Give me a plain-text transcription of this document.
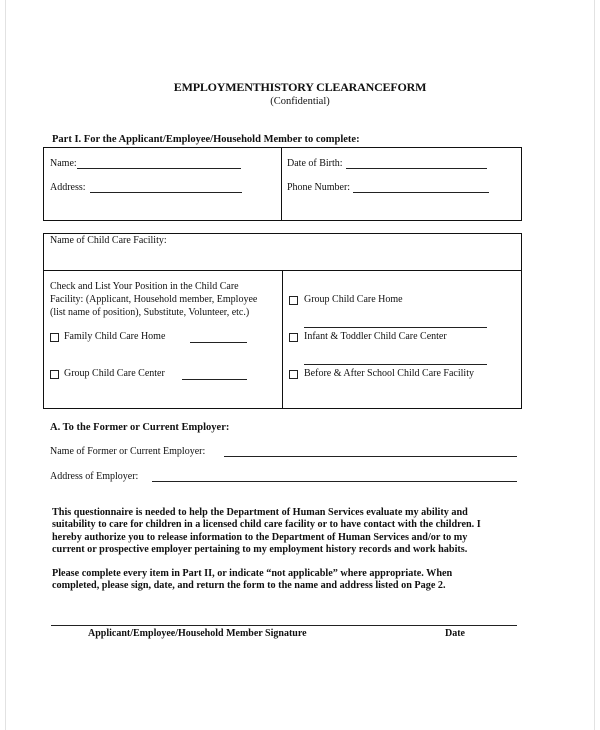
EMPLOYMENTHISTORY CLEARANCEFORM
(Confidential)
Part I. For the Applicant/Employee/Household Member to complete:
Name:
Address:
Date of Birth:
Phone Number:
Name of Child Care Facility:
Check and List Your Position in the Child Care
Facility: (Applicant, Household member, Employee
(list name of position), Substitute, Volunteer, etc.)
Family Child Care Home
Group Child Care Center
Group Child Care Home
Infant & Toddler Child Care Center
Before & After School Child Care Facility
A. To the Former or Current Employer:
Name of Former or Current Employer:
Address of Employer:
This questionnaire is needed to help the Department of Human Services evaluate my ability and
suitability to care for children in a licensed child care facility or to have contact with the children. I
hereby authorize you to release information to the Department of Human Services and/or to my
current or prospective employer pertaining to my employment history records and work habits.
Please complete every item in Part II, or indicate “not applicable” where appropriate. When
completed, please sign, date, and return the form to the name and address listed on Page 2.
Applicant/Employee/Household Member Signature	Date
